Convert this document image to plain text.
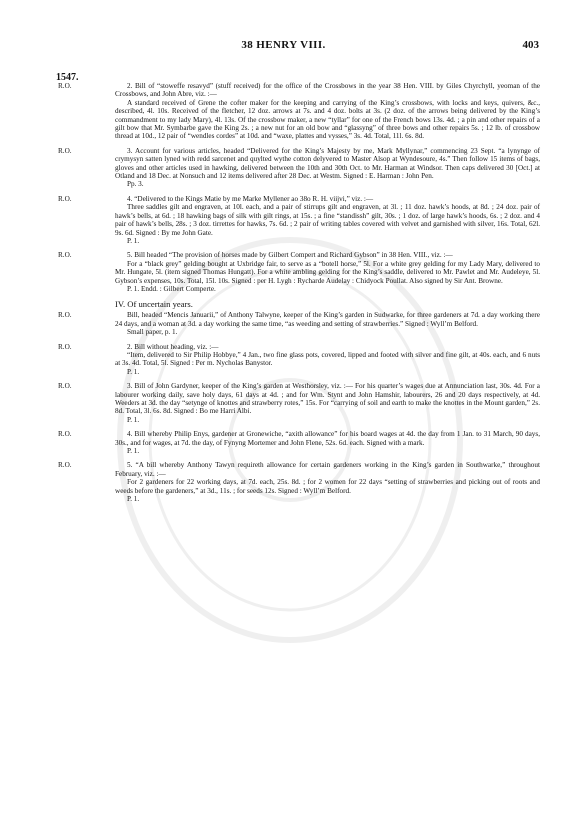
38 HENRY VIII.	403
1547.
R.O.	2. Bill of “stoweffe resavyd” (stuff received) for the office of the Crossbows in the year 38 Hen. VIII. by Giles Chyrchyll, yeoman of the Crossbows, and John Abre, viz. :—

A standard received of Grene the cofter maker for the keeping and carrying of the King’s crossbows, with locks and keys, quivers, &c., described, 4l. 10s. Received of the fletcher, 12 doz. arrows at 7s. and 4 doz. bolts at 3s. (2 doz. of the arrows being delivered by the King’s commandment to my lady Mary), 4l. 13s. Of the crossbow maker, a new “tyllar” for one of the French bows 13s. 4d. ; a pin and other repairs of a gilt bow that Mr. Symbarbe gave the King 2s. ; a new nut for an old bow and “glassyng” of three bows and other repairs 5s. ; 12 lb. of crossbow thread at 10d., 12 pair of “wendles cordes” at 10d. and “waxe, plattes and vysses,” 3s. 4d. Total, 11l. 6s. 8d.

R.O.	3. Account for various articles, headed “Delivered for the King’s Majesty by me, Mark Myllynar,” commencing 23 Sept. “a lynynge of crymysyn satten lyned with redd sarcenet and quylted wythe cotton delyvered to Master Alsop at Wyndesoure, 4s.” Then follow 15 items of bags, gloves and other articles used in hawking, delivered between the 10th and 30th Oct. to Mr. Harman at Windsor. Then caps delivered 30 [Oct.] at Otland and 18 Dec. at Nonsuch and 12 items delivered after 28 Dec. at Westm. Signed : E. Harman : John Pen.

Pp. 3.

R.O.	4. “Delivered to the Kings Matie by me Marke Myllener ao 38o R. H. viijvi,” viz. :—

Three saddles gilt and engraven, at 10l. each, and a pair of stirrups gilt and engraven, at 3l. ; 11 doz. hawk’s hoods, at 8d. ; 24 doz. pair of hawk’s bells, at 6d. ; 18 hawking bags of silk with gilt rings, at 15s. ; a fine “standissh” gilt, 30s. ; 1 doz. of large hawk’s hoods, 6s. ; 2 doz. and 4 pair of hawk’s bells, 28s. ; 3 doz. tirrettes for hawks, 7s. 6d. ; 2 pair of writing tables covered with velvet and garnished with silver, 16s. Total, 62l. 9s. 6d. Signed : By me John Gate.

P. 1.

R.O.	5. Bill headed “The provision of horses made by Gilbert Compert and Richard Gybson” in 38 Hen. VIII., viz. :—

For a “black grey” gelding bought at Uxbridge fair, to serve as a “botell horse,” 5l. For a white grey gelding for my Lady Mary, delivered to Mr. Hungate, 5l. (item signed Thomas Hungatt). For a white ambling gelding for the King’s saddle, delivered to Mr. Pawlet and Mr. Audeleye, 5l. Gybson’s expenses, 10s. Total, 15l. 10s. Signed : per H. Lygh : Rycharde Audelay : Chidyock Poullat. Also signed by Sir Ant. Browne.

P. 1. Endd. : Gilbert Comperte.

IV. Of uncertain years.
R.O.	Bill, headed “Mencis Januarii,” of Anthony Talwyne, keeper of the King’s garden in Sudwarke, for three gardeners at 7d. a day working there 24 days, and a woman at 3d. a day working the same time, “as weeding and setting of strawberries.” Signed : Wyll’m Belford.

Small paper, p. 1.

R.O.	2. Bill without heading, viz. :—

“Item, delivered to Sir Philip Hobbye,” 4 Jan., two fine glass pots, covered, lipped and footed with silver and fine gilt, at 40s. each, and 6 nuts at 3s. 4d. Total, 5l. Signed : Per m. Nycholas Banystor.

P. 1.

R.O.	3. Bill of John Gardyner, keeper of the King’s garden at Westhorsley, viz. :— For his quarter’s wages due at Annunciation last, 30s. 4d. For a labourer working daily, save holy days, 61 days at 4d. ; and for Wm. Stynt and John Hamshir, labourers, 26 and 20 days respectively, at 4d. Weeders at 3d. the day “setynge of knottes and strawberry rotes,” 15s. For “carrying of soil and earth to make the knottes in the Mount garden,” 2s. 8d. Total, 3l. 6s. 8d. Signed : Bo me Harri Albi.

P. 1.

R.O.	4. Bill whereby Philip Enys, gardener at Gronewiche, “axith allowance” for his board wages at 4d. the day from 1 Jan. to 31 March, 90 days, 30s., and for wages, at 7d. the day, of Fynyng Mortemer and John Flene, 52s. 6d. each. Signed with a mark.

P. 1.

R.O.	5. “A bill whereby Anthony Tawyn requireth allowance for certain gardeners working in the King’s garden in Southwarke,” throughout February, viz. :—

For 2 gardeners for 22 working days, at 7d. each, 25s. 8d. ; for 2 women for 22 days “setting of strawberries and picking out of roots and weeds before the gardeners,” at 3d., 11s. ; for seeds 12s. Signed : Wyll’m Belford.

P. 1.
